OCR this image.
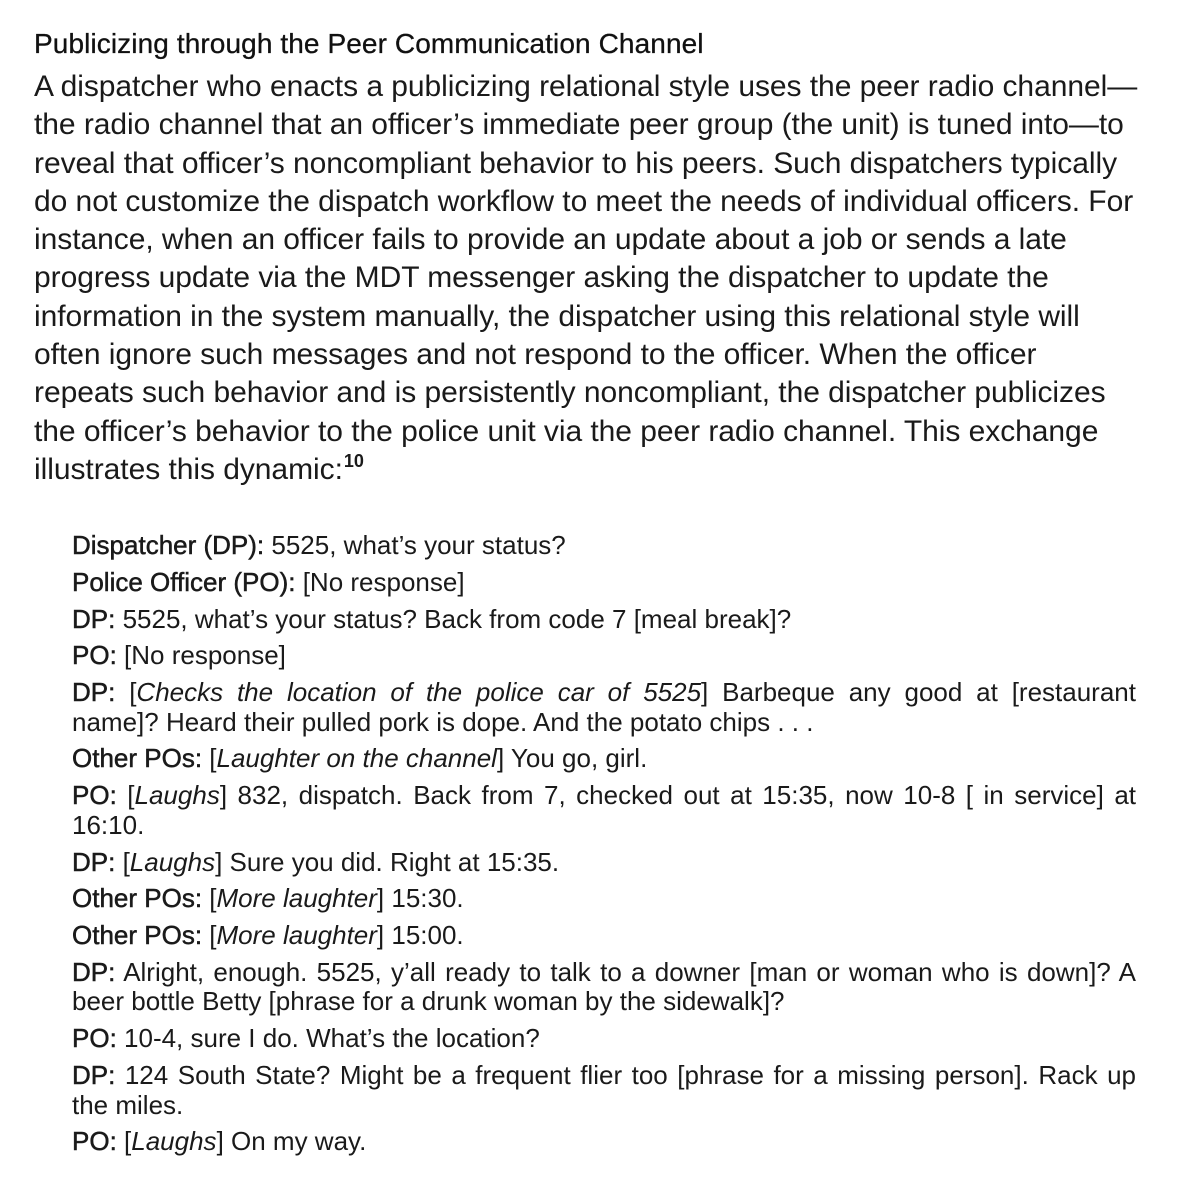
Publicizing through the Peer Communication Channel

A dispatcher who enacts a publicizing relational style uses the peer radio channel—the radio channel that an officer’s immediate peer group (the unit) is tuned into—to reveal that officer’s noncompliant behavior to his peers. Such dispatchers typically do not customize the dispatch workflow to meet the needs of individual officers. For instance, when an officer fails to provide an update about a job or sends a late progress update via the MDT messenger asking the dispatcher to update the information in the system manually, the dispatcher using this relational style will often ignore such messages and not respond to the officer. When the officer repeats such behavior and is persistently noncompliant, the dispatcher publicizes the officer’s behavior to the police unit via the peer radio channel. This exchange illustrates this dynamic:$^{10}$

Dispatcher (DP): 5525, what’s your status?
Police Officer (PO): [No response]
DP: 5525, what’s your status? Back from code 7 [meal break]?
PO: [No response]
DP: [Checks the location of the police car of 5525] Barbeque any good at [restaurant name]? Heard their pulled pork is dope. And the potato chips . . .
Other POs: [Laughter on the channel] You go, girl.
PO: [Laughs] 832, dispatch. Back from 7, checked out at 15:35, now 10-8 [ in service] at 16:10.
DP: [Laughs] Sure you did. Right at 15:35.
Other POs: [More laughter] 15:30.
Other POs: [More laughter] 15:00.
DP: Alright, enough. 5525, y’all ready to talk to a downer [man or woman who is down]? A beer bottle Betty [phrase for a drunk woman by the sidewalk]?
PO: 10-4, sure I do. What’s the location?
DP: 124 South State? Might be a frequent flier too [phrase for a missing person]. Rack up the miles.
PO: [Laughs] On my way.
